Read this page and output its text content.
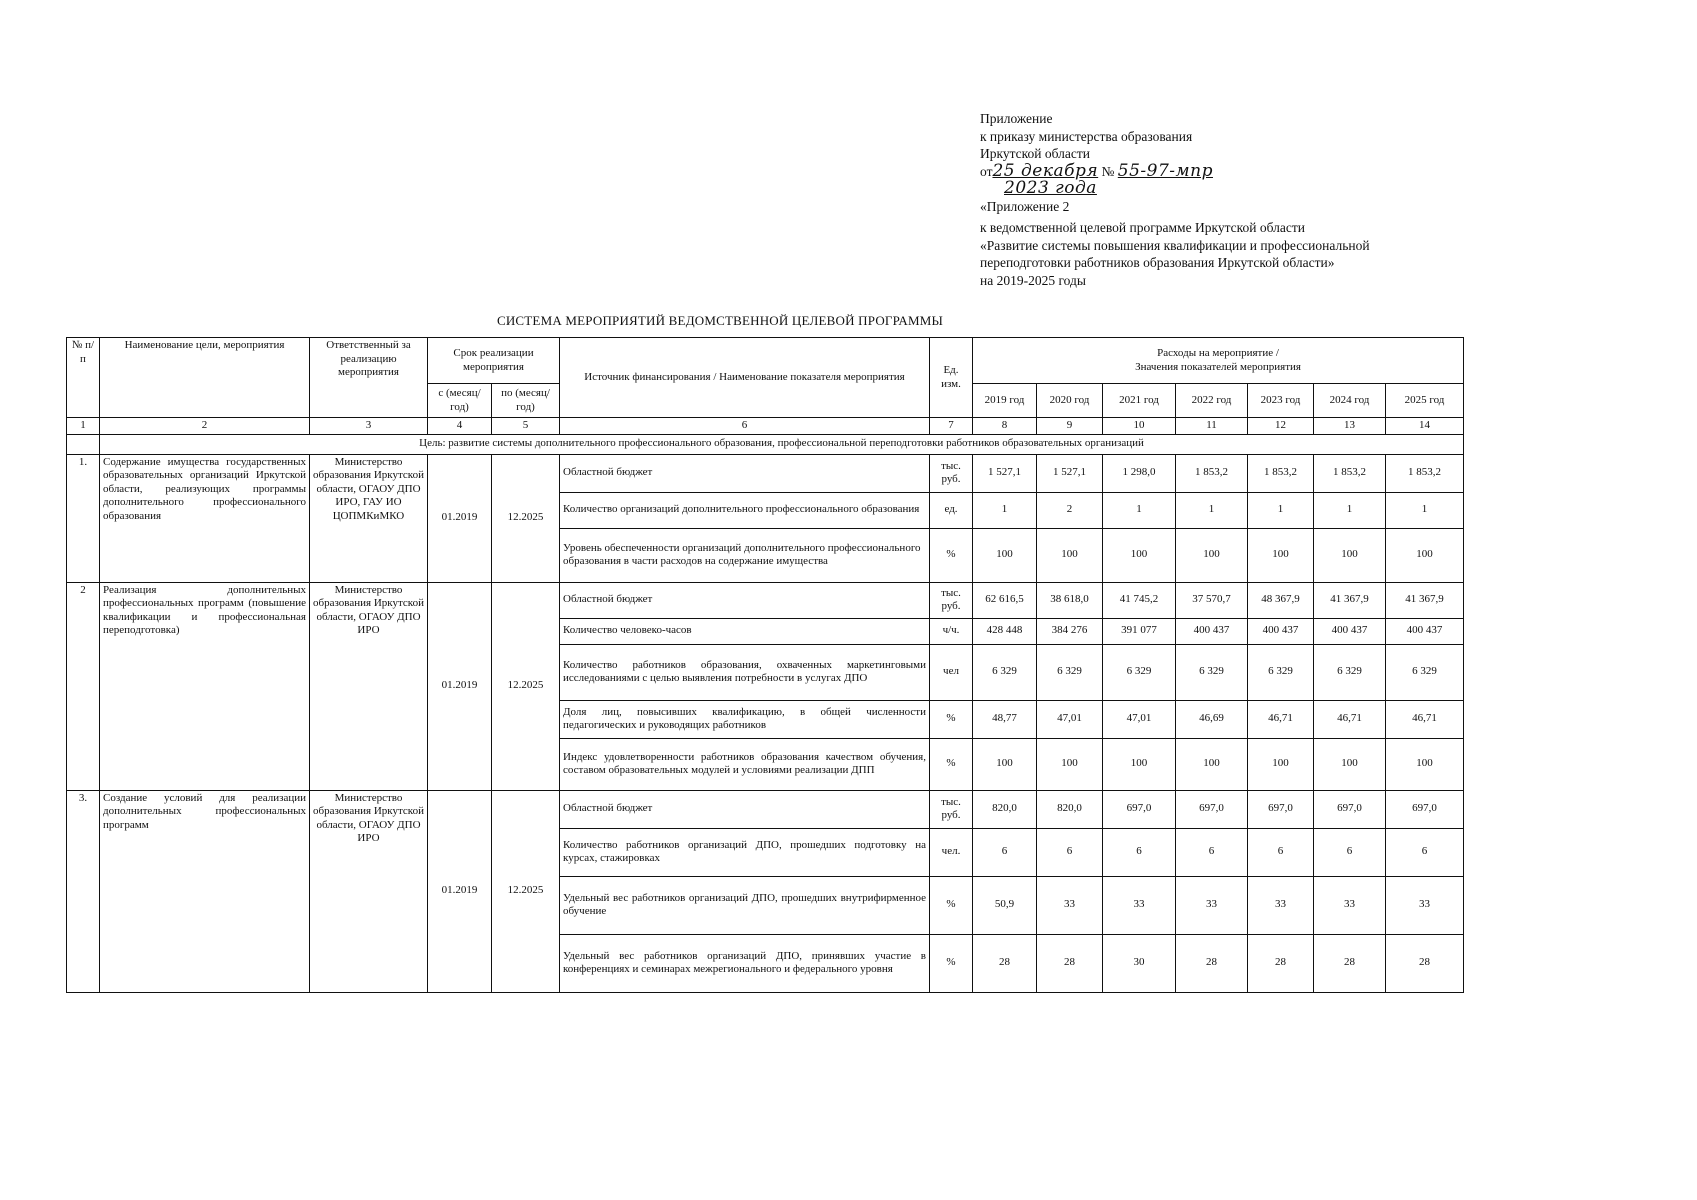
Приложение
к приказу министерства образования
Иркутской области
от25 декабря № 55-97-мпр
2023 года
«Приложение 2
к ведомственной целевой программе Иркутской области
«Развитие системы повышения квалификации и профессиональной
переподготовки работников образования Иркутской области»
на 2019-2025 годы
СИСТЕМА МЕРОПРИЯТИЙ ВЕДОМСТВЕННОЙ ЦЕЛЕВОЙ ПРОГРАММЫ
№ п/п	Наименование цели, мероприятия	Ответственный за реализацию мероприятия	Срок реализации мероприятия		Источник финансирования / Наименование показателя мероприятия	Ед. изм.	Расходы на мероприятие /
Значения показателей мероприятия						

			с (месяц/год)	по (месяц/год)			2019 год	2020 год	2021 год	2022 год	2023 год	2024 год	2025 год
1	2	3	4	5	6	7	8	9	10	11	12	13	14
	Цель: развитие системы дополнительного профессионального образования, профессиональной переподготовки работников образовательных организаций												
1.	Содержание имущества государственных образовательных организаций Иркутской области, реализующих программы дополнительного профессионального образования	Министерство образования Иркутской области, ОГАОУ ДПО ИРО, ГАУ ИО ЦОПМКиМКО	01.2019	12.2025	Областной бюджет	тыс. руб.	1 527,1	1 527,1	1 298,0	1 853,2	1 853,2	1 853,2	1 853,2
					Количество организаций дополнительного профессионального образования	ед.	1	2	1	1	1	1	1
					Уровень обеспеченности организаций дополнительного профессионального образования в части расходов на содержание имущества	%	100	100	100	100	100	100	100
2	Реализация дополнительных профессиональных программ (повышение квалификации и профессиональная переподготовка)	Министерство образования Иркутской области, ОГАОУ ДПО ИРО	01.2019	12.2025	Областной бюджет	тыс. руб.	62 616,5	38 618,0	41 745,2	37 570,7	48 367,9	41 367,9	41 367,9
					Количество человеко-часов	ч/ч.	428 448	384 276	391 077	400 437	400 437	400 437	400 437
					Количество работников образования, охваченных маркетинговыми исследованиями с целью выявления потребности в услугах ДПО	чел	6 329	6 329	6 329	6 329	6 329	6 329	6 329
					Доля лиц, повысивших квалификацию, в общей численности педагогических и руководящих работников	%	48,77	47,01	47,01	46,69	46,71	46,71	46,71
					Индекс удовлетворенности работников образования качеством обучения, составом образовательных модулей и условиями реализации ДПП	%	100	100	100	100	100	100	100
3.	Создание условий для реализации дополнительных профессиональных программ	Министерство образования Иркутской области, ОГАОУ ДПО ИРО	01.2019	12.2025	Областной бюджет	тыс. руб.	820,0	820,0	697,0	697,0	697,0	697,0	697,0
					Количество работников организаций ДПО, прошедших подготовку на курсах, стажировках	чел.	6	6	6	6	6	6	6
					Удельный вес работников организаций ДПО, прошедших внутрифирменное обучение	%	50,9	33	33	33	33	33	33
					Удельный вес работников организаций ДПО, принявших участие в конференциях и семинарах межрегионального и федерального уровня	%	28	28	30	28	28	28	28
